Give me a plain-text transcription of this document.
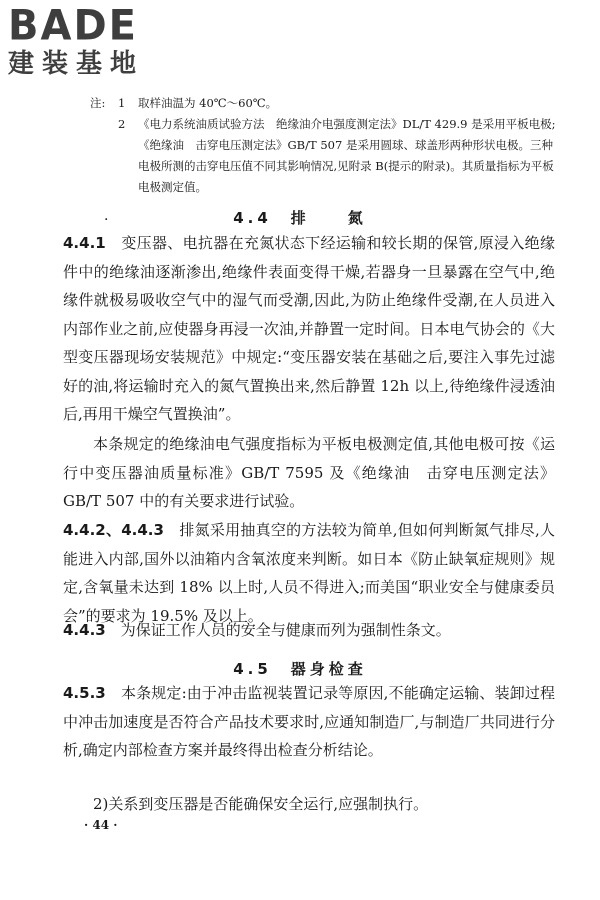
BADE
建装基地
注:	1	取样油温为 40℃～60℃。
2	《电力系统油质试验方法　绝缘油介电强度测定法》DL/T 429.9 是采用平板电极;《绝缘油　击穿电压测定法》GB/T 507 是采用圆球、球盖形两种形状电极。三种电极所测的击穿电压值不同其影响情况,见附录 B(提示的附录)。其质量指标为平板电极测定值。
·	4.4　排　　氮

4.4.1　变压器、电抗器在充氮状态下经运输和较长期的保管,原浸入绝缘件中的绝缘油逐渐渗出,绝缘件表面变得干燥,若器身一旦暴露在空气中,绝缘件就极易吸收空气中的湿气而受潮,因此,为防止绝缘件受潮,在人员进入内部作业之前,应使器身再浸一次油,并静置一定时间。日本电气协会的《大型变压器现场安装规范》中规定:“变压器安装在基础之后,要注入事先过滤好的油,将运输时充入的氮气置换出来,然后静置 12h 以上,待绝缘件浸透油后,再用干燥空气置换油”。

本条规定的绝缘油电气强度指标为平板电极测定值,其他电极可按《运行中变压器油质量标准》GB/T 7595 及《绝缘油　击穿电压测定法》GB/T 507 中的有关要求进行试验。

4.4.2、4.4.3　排氮采用抽真空的方法较为简单,但如何判断氮气排尽,人能进入内部,国外以油箱内含氧浓度来判断。如日本《防止缺氧症规则》规定,含氧量未达到 18% 以上时,人员不得进入;而美国“职业安全与健康委员会”的要求为 19.5% 及以上。

4.4.3　为保证工作人员的安全与健康而列为强制性条文。

4.5　器身检查

4.5.3　本条规定:由于冲击监视装置记录等原因,不能确定运输、装卸过程中冲击加速度是否符合产品技术要求时,应通知制造厂,与制造厂共同进行分析,确定内部检查方案并最终得出检查分析结论。

2)关系到变压器是否能确保安全运行,应强制执行。

· 44 ·
